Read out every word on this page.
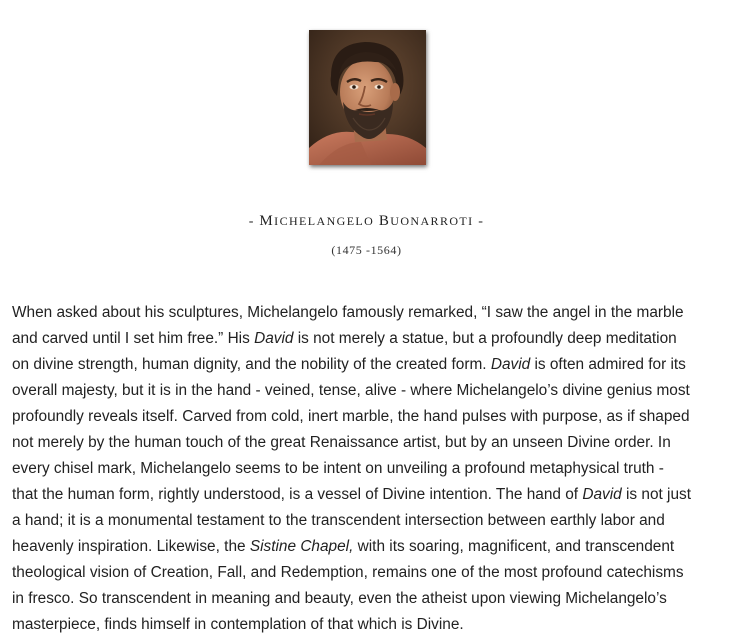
- MICHELANGELO BUONARROTI -
(1475 -1564)

When asked about his sculptures, Michelangelo famously remarked, “I saw the angel in the marble
and carved until I set him free.” His David is not merely a statue, but a profoundly deep meditation
on divine strength, human dignity, and the nobility of the created form. David is often admired for its
overall majesty, but it is in the hand - veined, tense, alive - where Michelangelo’s divine genius most
profoundly reveals itself. Carved from cold, inert marble, the hand pulses with purpose, as if shaped
not merely by the human touch of the great Renaissance artist, but by an unseen Divine order. In
every chisel mark, Michelangelo seems to be intent on unveiling a profound metaphysical truth -
that the human form, rightly understood, is a vessel of Divine intention. The hand of David is not just
a hand; it is a monumental testament to the transcendent intersection between earthly labor and
heavenly inspiration. Likewise, the Sistine Chapel, with its soaring, magnificent, and transcendent
theological vision of Creation, Fall, and Redemption, remains one of the most profound catechisms
in fresco. So transcendent in meaning and beauty, even the atheist upon viewing Michelangelo’s
masterpiece, finds himself in contemplation of that which is Divine.
